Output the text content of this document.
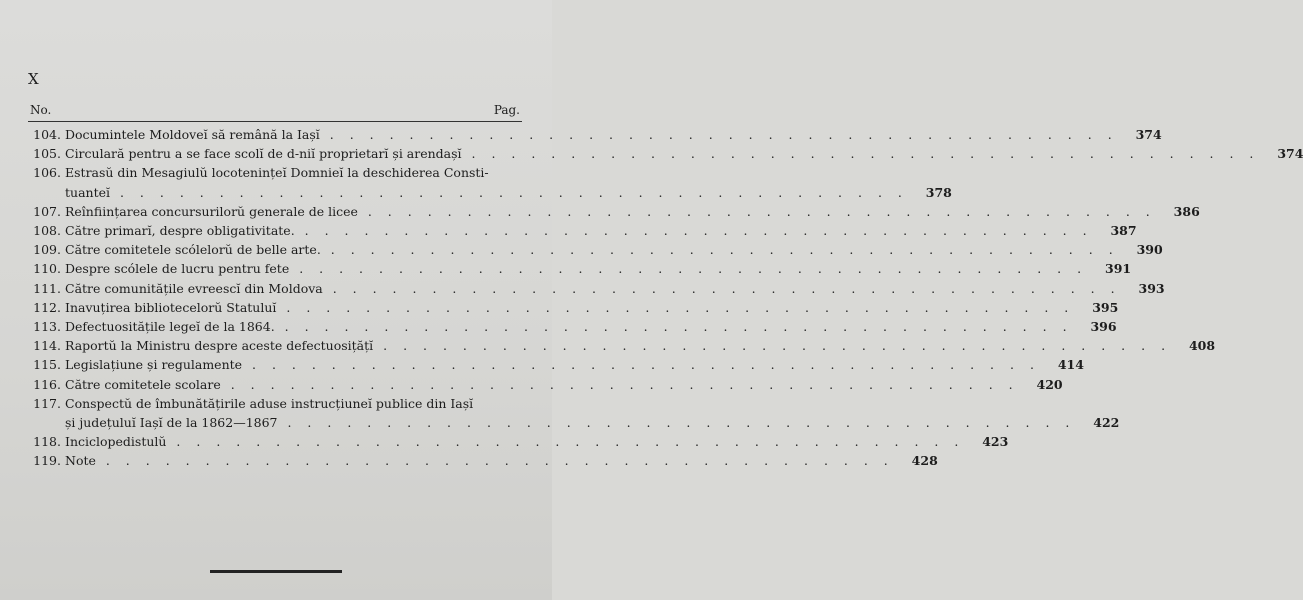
X
No.	Pag.
104. Documintele Moldoveĭ să remână la Iașĭ . . . . . . . . . . . . . . . . . . . . . . . . . . . . . . . . . . . . . . . .	374
105. Circulară pentru a se face scolĭ de d-niĭ proprietarĭ și arendașĭ . . . . . . . . . . . . . . . . . . . . . . . . . . . . . . . . . . . . . . . .	374
106. Estrasŭ din Mesagiulŭ locotenințeĭ Domnieĭ la deschiderea Consti-
tuanteĭ . . . . . . . . . . . . . . . . . . . . . . . . . . . . . . . . . . . . . . . .	378
107. Reînființarea concursurilorŭ generale de licee . . . . . . . . . . . . . . . . . . . . . . . . . . . . . . . . . . . . . . . .	386
108. Către primarĭ, despre obligativitate. . . . . . . . . . . . . . . . . . . . . . . . . . . . . . . . . . . . . . . . .	387
109. Către comitetele scólelorŭ de belle arte. . . . . . . . . . . . . . . . . . . . . . . . . . . . . . . . . . . . . . . . .	390
110. Despre scólele de lucru pentru fete . . . . . . . . . . . . . . . . . . . . . . . . . . . . . . . . . . . . . . . .	391
111. Către comunitățile evreescĭ din Moldova . . . . . . . . . . . . . . . . . . . . . . . . . . . . . . . . . . . . . . . .	393
112. Inavuțirea bibliotecelorŭ Statuluĭ . . . . . . . . . . . . . . . . . . . . . . . . . . . . . . . . . . . . . . . .	395
113. Defectuositățile legeĭ de la 1864. . . . . . . . . . . . . . . . . . . . . . . . . . . . . . . . . . . . . . . . .	396
114. Raportŭ la Ministru despre aceste defectuosițățĭ . . . . . . . . . . . . . . . . . . . . . . . . . . . . . . . . . . . . . . . .	408
115. Legislațiune și regulamente . . . . . . . . . . . . . . . . . . . . . . . . . . . . . . . . . . . . . . . .	414
116. Către comitetele scolare . . . . . . . . . . . . . . . . . . . . . . . . . . . . . . . . . . . . . . . .	420
117. Conspectŭ de îmbunătățirile aduse instrucțiuneĭ publice din Iașĭ
și județuluĭ Iașĭ de la 1862—1867 . . . . . . . . . . . . . . . . . . . . . . . . . . . . . . . . . . . . . . . .	422
118. Inciclopedistulŭ . . . . . . . . . . . . . . . . . . . . . . . . . . . . . . . . . . . . . . . .	423
119. Note . . . . . . . . . . . . . . . . . . . . . . . . . . . . . . . . . . . . . . . .	428
